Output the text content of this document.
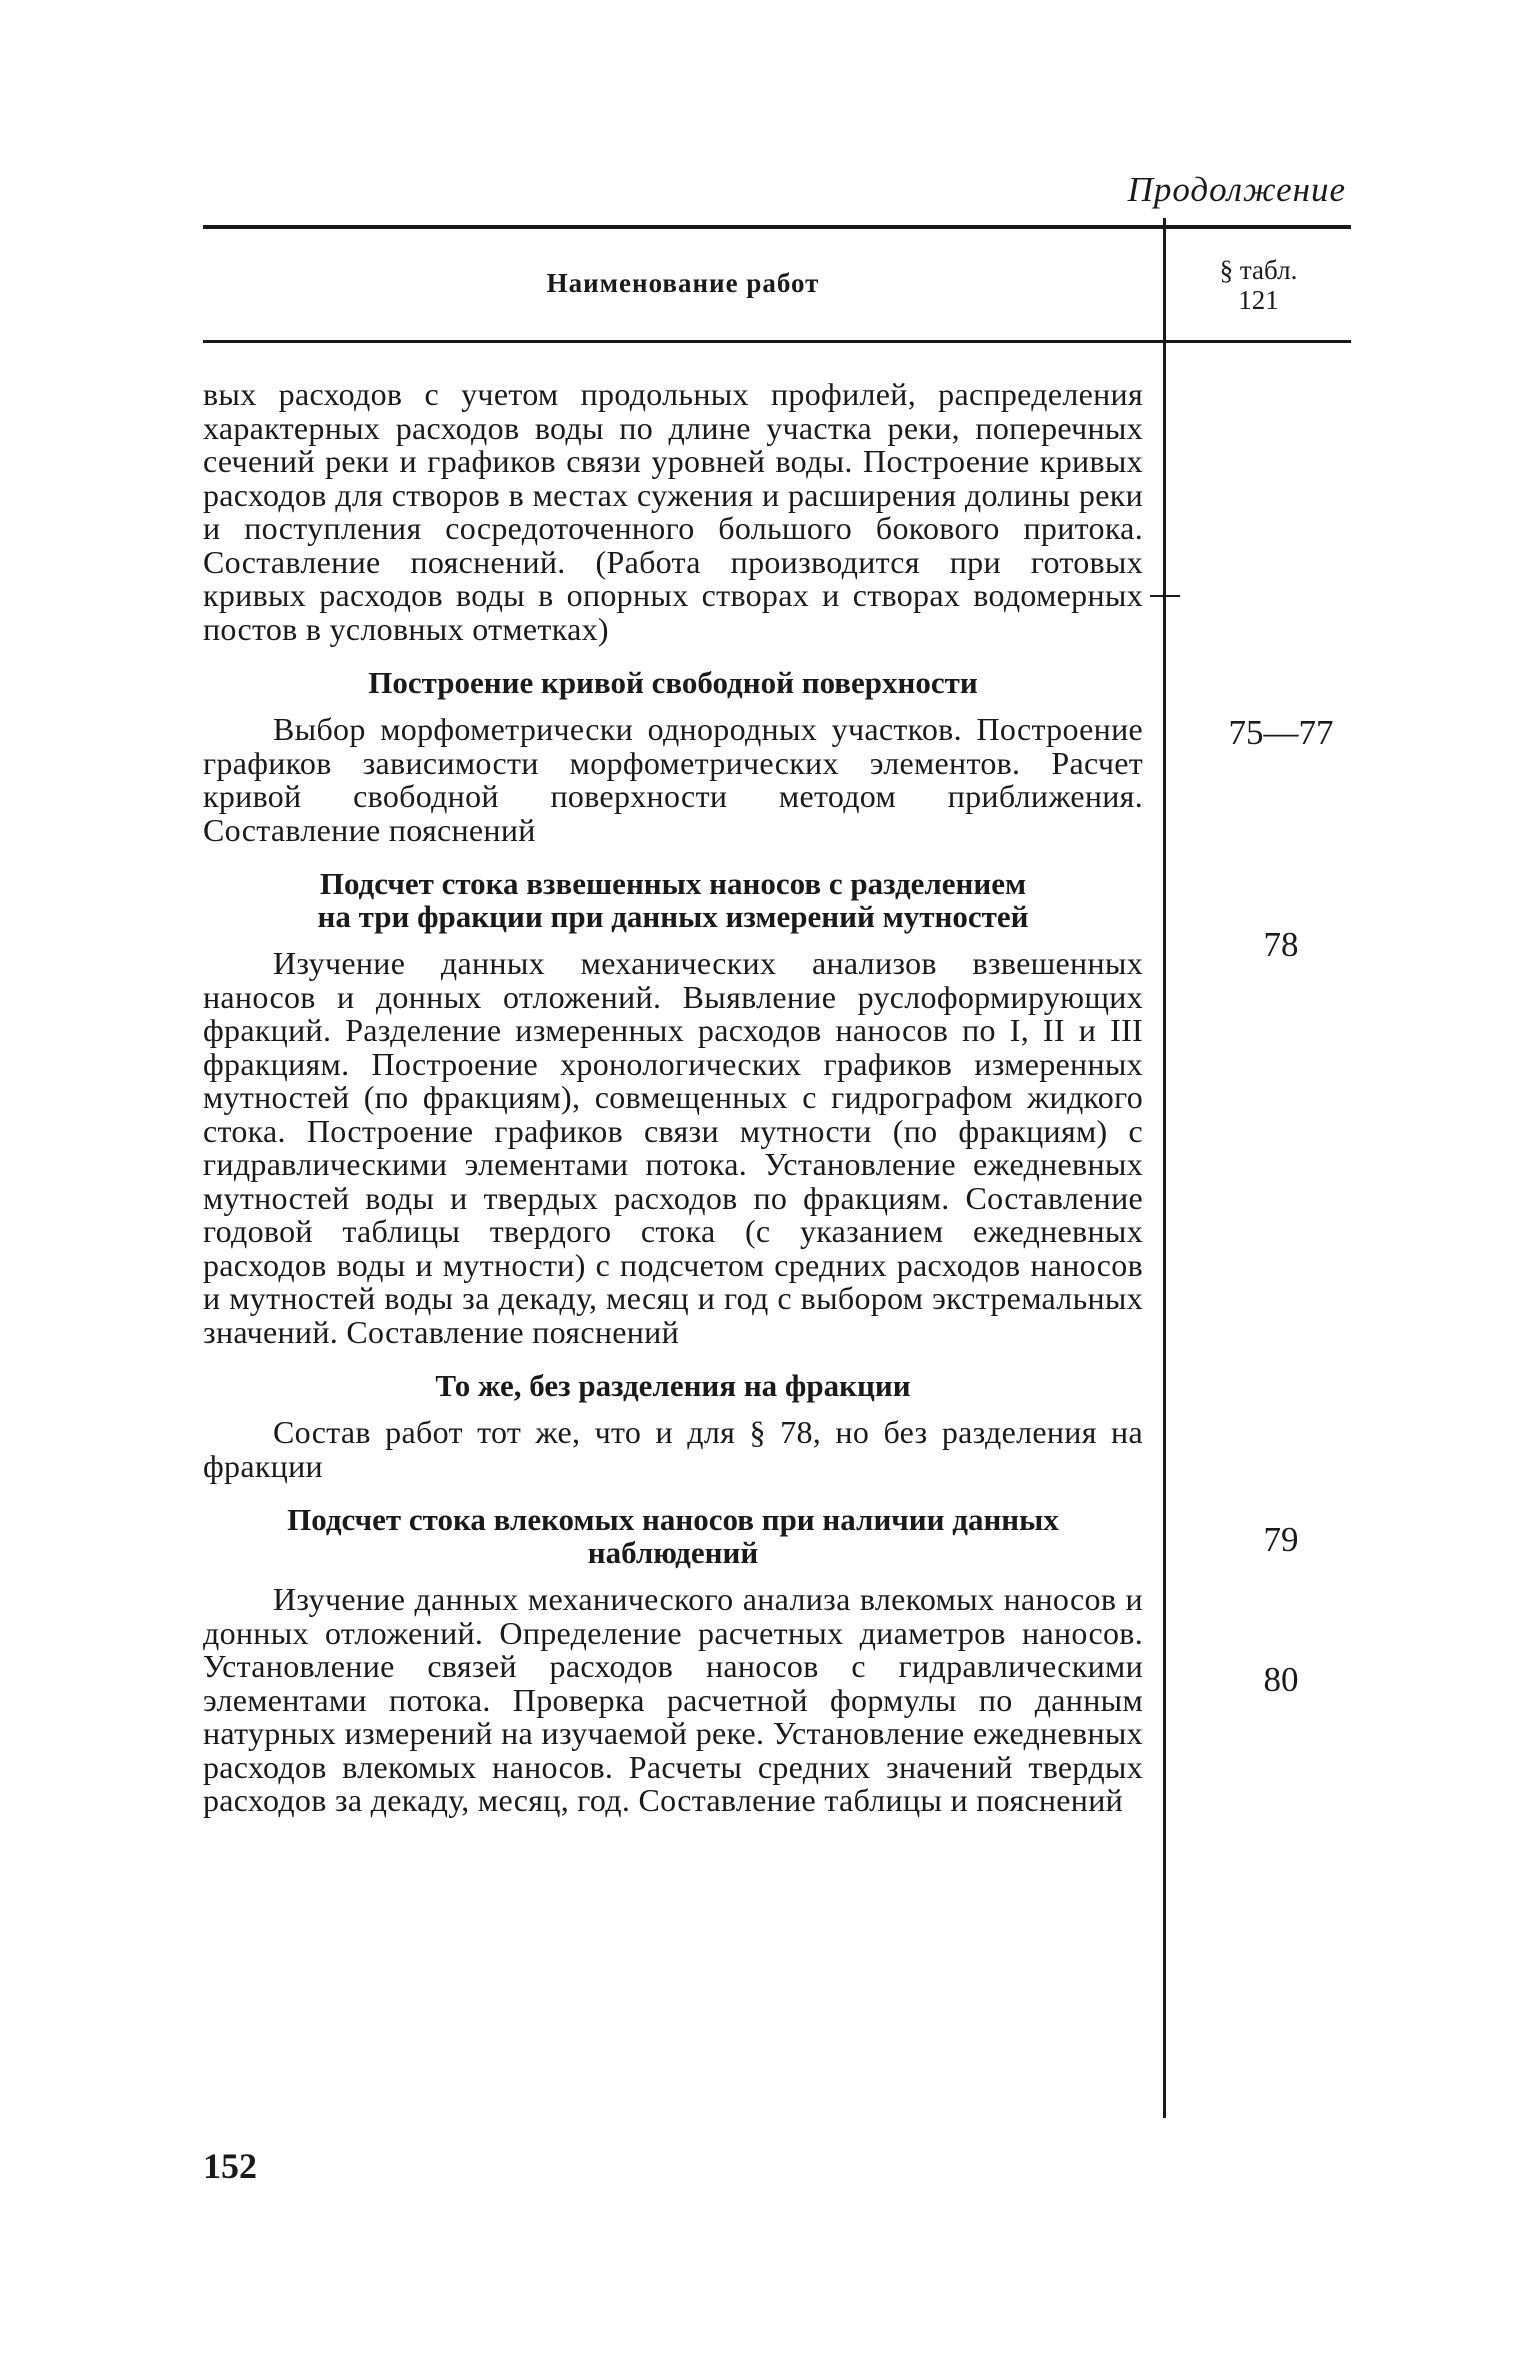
Продолжение
Наименование работ	§ табл.
121

вых расходов с учетом продольных профилей, распределения характерных расходов воды по длине участка реки, поперечных сечений реки и графиков связи уровней воды. Построение кривых расходов для створов в местах сужения и расширения долины реки и поступления сосредоточенного большого бокового притока. Составление пояснений. (Работа производится при готовых кривых расходов воды в опорных створах и створах водомерных постов в условных отметках)

Построение кривой свободной поверхности

Выбор морфометрически однородных участков. Построение графиков зависимости морфометрических элементов. Расчет кривой свободной поверхности методом приближения. Составление пояснений

Подсчет стока взвешенных наносов с разделением
на три фракции при данных измерений мутностей

Изучение данных механических анализов взвешенных наносов и донных отложений. Выявление руслоформирующих фракций. Разделение измеренных расходов наносов по I, II и III фракциям. Построение хронологических графиков измеренных мутностей (по фракциям), совмещенных с гидрографом жидкого стока. Построение графиков связи мутности (по фракциям) с гидравлическими элементами потока. Установление ежедневных мутностей воды и твердых расходов по фракциям. Составление годовой таблицы твердого стока (с указанием ежедневных расходов воды и мутности) с подсчетом средних расходов наносов и мутностей воды за декаду, месяц и год с выбором экстремальных значений. Составление пояснений

То же, без разделения на фракции

Состав работ тот же, что и для § 78, но без разделения на фракции

Подсчет стока влекомых наносов при наличии данных
наблюдений

Изучение данных механического анализа влекомых наносов и донных отложений. Определение расчетных диаметров наносов. Установление связей расходов наносов с гидравлическими элементами потока. Проверка расчетной формулы по данным натурных измерений на изучаемой реке. Установление ежедневных расходов влекомых наносов. Расчеты средних значений твердых расходов за декаду, месяц, год. Составление таблицы и пояснений

75—77
78
79
80
152
